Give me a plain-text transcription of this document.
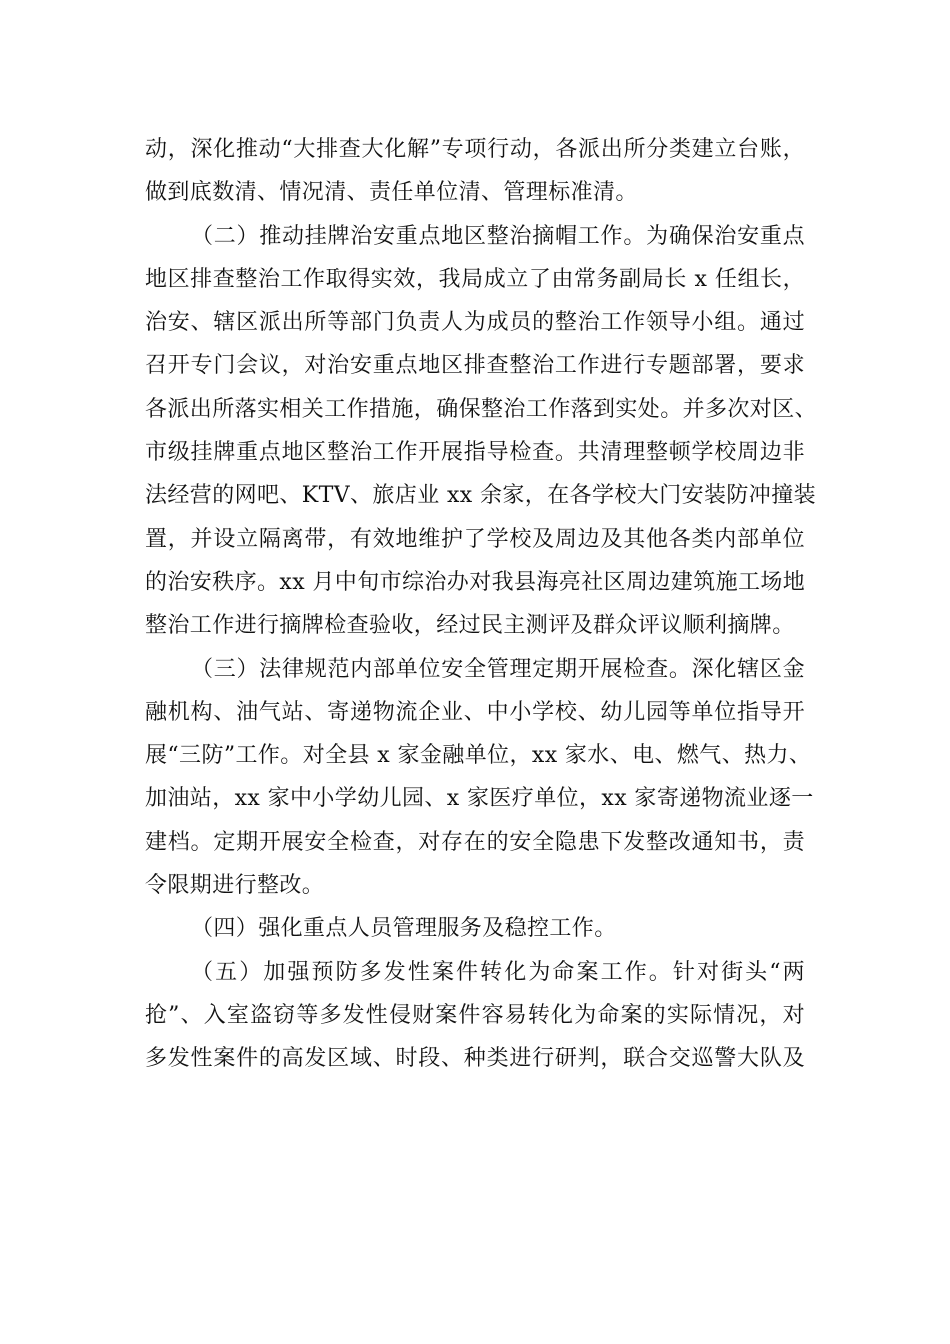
动，深化推动“大排查大化解”专项行动，各派出所分类建立台账，
做到底数清、情况清、责任单位清、管理标准清。
（二）推动挂牌治安重点地区整治摘帽工作。为确保治安重点
地区排查整治工作取得实效，我局成立了由常务副局长 x 任组长，
治安、辖区派出所等部门负责人为成员的整治工作领导小组。通过
召开专门会议，对治安重点地区排查整治工作进行专题部署，要求
各派出所落实相关工作措施，确保整治工作落到实处。并多次对区、
市级挂牌重点地区整治工作开展指导检查。共清理整顿学校周边非
法经营的网吧、KTV、旅店业 xx 余家，在各学校大门安装防冲撞装
置，并设立隔离带，有效地维护了学校及周边及其他各类内部单位
的治安秩序。xx 月中旬市综治办对我县海亮社区周边建筑施工场地
整治工作进行摘牌检查验收，经过民主测评及群众评议顺利摘牌。
（三）法律规范内部单位安全管理定期开展检查。深化辖区金
融机构、油气站、寄递物流企业、中小学校、幼儿园等单位指导开
展“三防”工作。对全县 x 家金融单位，xx 家水、电、燃气、热力、
加油站，xx 家中小学幼儿园、x 家医疗单位，xx 家寄递物流业逐一
建档。定期开展安全检查，对存在的安全隐患下发整改通知书，责
令限期进行整改。
（四）强化重点人员管理服务及稳控工作。
（五）加强预防多发性案件转化为命案工作。针对街头“两
抢”、入室盗窃等多发性侵财案件容易转化为命案的实际情况，对
多发性案件的高发区域、时段、种类进行研判，联合交巡警大队及
